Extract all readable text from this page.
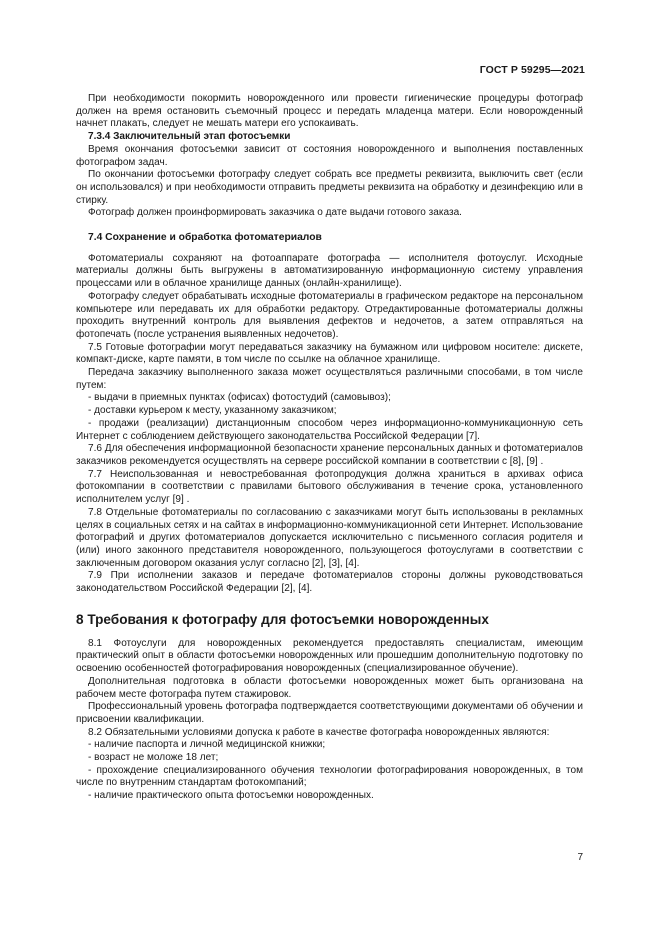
ГОСТ Р 59295—2021

При необходимости покормить новорожденного или провести гигиенические процедуры фотограф должен на время остановить съемочный процесс и передать младенца матери. Если новорожденный начнет плакать, следует не мешать матери его успокаивать.

7.3.4 Заключительный этап фотосъемки

Время окончания фотосъемки зависит от состояния новорожденного и выполнения поставленных фотографом задач.

По окончании фотосъемки фотографу следует собрать все предметы реквизита, выключить свет (если он использовался) и при необходимости отправить предметы реквизита на обработку и дезинфекцию или в стирку.

Фотограф должен проинформировать заказчика о дате выдачи готового заказа.

7.4 Сохранение и обработка фотоматериалов

Фотоматериалы сохраняют на фотоаппарате фотографа — исполнителя фотоуслуг. Исходные материалы должны быть выгружены в автоматизированную информационную систему управления процессами или в облачное хранилище данных (онлайн-хранилище).

Фотографу следует обрабатывать исходные фотоматериалы в графическом редакторе на персональном компьютере или передавать их для обработки редактору. Отредактированные фотоматериалы должны проходить внутренний контроль для выявления дефектов и недочетов, а затем отправляться на фотопечать (после устранения выявленных недочетов).

7.5 Готовые фотографии могут передаваться заказчику на бумажном или цифровом носителе: дискете, компакт-диске, карте памяти, в том числе по ссылке на облачное хранилище.

Передача заказчику выполненного заказа может осуществляться различными способами, в том числе путем:

- выдачи в приемных пунктах (офисах) фотостудий (самовывоз);

- доставки курьером к месту, указанному заказчиком;

- продажи (реализации) дистанционным способом через информационно-коммуникационную сеть Интернет с соблюдением действующего законодательства Российской Федерации [7].

7.6 Для обеспечения информационной безопасности хранение персональных данных и фотоматериалов заказчиков рекомендуется осуществлять на сервере российской компании в соответствии с [8], [9] .

7.7 Неиспользованная и невостребованная фотопродукция должна храниться в архивах офиса фотокомпании в соответствии с правилами бытового обслуживания в течение срока, установленного исполнителем услуг [9] .

7.8 Отдельные фотоматериалы по согласованию с заказчиками могут быть использованы в рекламных целях в социальных сетях и на сайтах в информационно-коммуникационной сети Интернет. Использование фотографий и других фотоматериалов допускается исключительно с письменного согласия родителя и (или) иного законного представителя новорожденного, пользующегося фотоуслугами в соответствии с заключенным договором оказания услуг согласно [2], [3], [4].

7.9 При исполнении заказов и передаче фотоматериалов стороны должны руководствоваться законодательством Российской Федерации [2], [4].

8 Требования к фотографу для фотосъемки новорожденных

8.1 Фотоуслуги для новорожденных рекомендуется предоставлять специалистам, имеющим практический опыт в области фотосъемки новорожденных или прошедшим дополнительную подготовку по освоению особенностей фотографирования новорожденных (специализированное обучение).

Дополнительная подготовка в области фотосъемки новорожденных может быть организована на рабочем месте фотографа путем стажировок.

Профессиональный уровень фотографа подтверждается соответствующими документами об обучении и присвоении квалификации.

8.2 Обязательными условиями допуска к работе в качестве фотографа новорожденных являются:

- наличие паспорта и личной медицинской книжки;

- возраст не моложе 18 лет;

- прохождение специализированного обучения технологии фотографирования новорожденных, в том числе по внутренним стандартам фотокомпаний;

- наличие практического опыта фотосъемки новорожденных.

7
